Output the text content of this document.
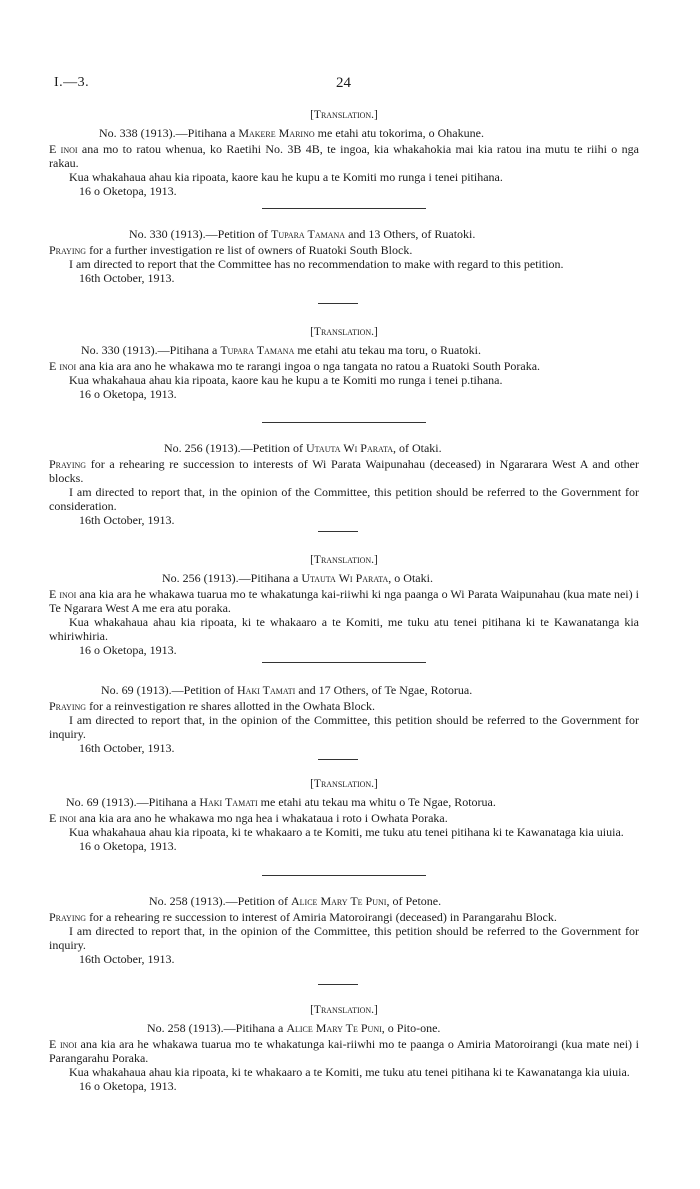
I.—3.	24
[Translation.]
No. 338 (1913).—Pitihana a Makere Marino me etahi atu tokorima, o Ohakune.

E inoi ana mo to ratou whenua, ko Raetihi No. 3B 4B, te ingoa, kia whakahokia mai kia ratou ina mutu te riihi o nga rakau.

Kua whakahaua ahau kia ripoata, kaore kau he kupu a te Komiti mo runga i tenei pitihana.

16 o Oketopa, 1913.

No. 330 (1913).—Petition of Tupara Tamana and 13 Others, of Ruatoki.

Praying for a further investigation re list of owners of Ruatoki South Block.

I am directed to report that the Committee has no recommendation to make with regard to this petition.

16th October, 1913.

[Translation.]
No. 330 (1913).—Pitihana a Tupara Tamana me etahi atu tekau ma toru, o Ruatoki.

E inoi ana kia ara ano he whakawa mo te rarangi ingoa o nga tangata no ratou a Ruatoki South Poraka.

Kua whakahaua ahau kia ripoata, kaore kau he kupu a te Komiti mo runga i tenei p.tihana.

16 o Oketopa, 1913.

No. 256 (1913).—Petition of Utauta Wi Parata, of Otaki.

Praying for a rehearing re succession to interests of Wi Parata Waipunahau (deceased) in Ngararara West A and other blocks.

I am directed to report that, in the opinion of the Committee, this petition should be referred to the Government for consideration.

16th October, 1913.

[Translation.]
No. 256 (1913).—Pitihana a Utauta Wi Parata, o Otaki.

E inoi ana kia ara he whakawa tuarua mo te whakatunga kai-riiwhi ki nga paanga o Wi Parata Waipunahau (kua mate nei) i Te Ngarara West A me era atu poraka.

Kua whakahaua ahau kia ripoata, ki te whakaaro a te Komiti, me tuku atu tenei pitihana ki te Kawanatanga kia whiriwhiria.

16 o Oketopa, 1913.

No. 69 (1913).—Petition of Haki Tamati and 17 Others, of Te Ngae, Rotorua.

Praying for a reinvestigation re shares allotted in the Owhata Block.

I am directed to report that, in the opinion of the Committee, this petition should be referred to the Government for inquiry.

16th October, 1913.

[Translation.]
No. 69 (1913).—Pitihana a Haki Tamati me etahi atu tekau ma whitu o Te Ngae, Rotorua.

E inoi ana kia ara ano he whakawa mo nga hea i whakataua i roto i Owhata Poraka.

Kua whakahaua ahau kia ripoata, ki te whakaaro a te Komiti, me tuku atu tenei pitihana ki te Kawanataga kia uiuia.

16 o Oketopa, 1913.

No. 258 (1913).—Petition of Alice Mary Te Puni, of Petone.

Praying for a rehearing re succession to interest of Amiria Matoroirangi (deceased) in Parangarahu Block.

I am directed to report that, in the opinion of the Committee, this petition should be referred to the Government for inquiry.

16th October, 1913.

[Translation.]
No. 258 (1913).—Pitihana a Alice Mary Te Puni, o Pito-one.

E inoi ana kia ara he whakawa tuarua mo te whakatunga kai-riiwhi mo te paanga o Amiria Matoroirangi (kua mate nei) i Parangarahu Poraka.

Kua whakahaua ahau kia ripoata, ki te whakaaro a te Komiti, me tuku atu tenei pitihana ki te Kawanatanga kia uiuia.

16 o Oketopa, 1913.
